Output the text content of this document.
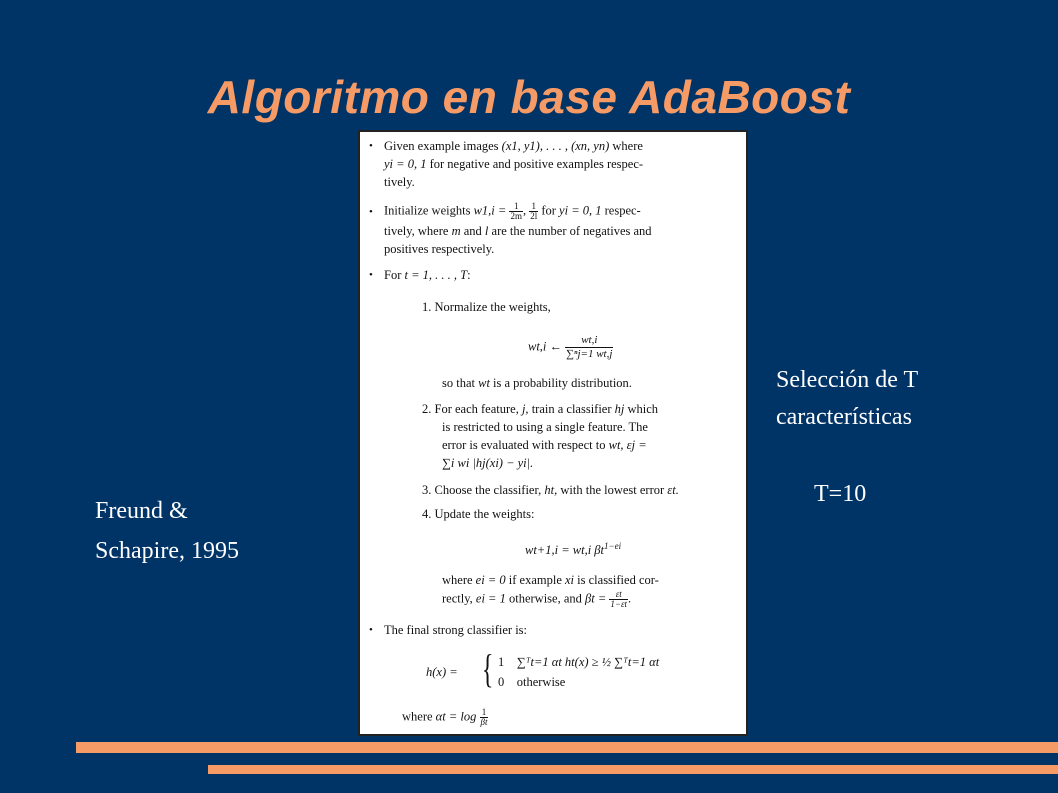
Algoritmo en base AdaBoost
• Given example images (x1, y1), . . . , (xn, yn) where
yi = 0, 1 for negative and positive examples respec-
tively.
• Initialize weights $w1,i = \frac{1}{2m}$ , $\frac{1}{2l}$ for yi = 0, 1 respec-
tively, where m and l are the number of negatives and
positives respectively.
• For t = 1, . . . , T:
1. Normalize the weights,
wt,i ← $\frac{wt,i}{\text{∑ⁿj=1 wt,j}}$
so that wt is a probability distribution.
2. For each feature, j, train a classifier hj which
is restricted to using a single feature. The
error is evaluated with respect to wt, εj =
∑i wi |hj(xi) − yi|.
3. Choose the classifier, ht, with the lowest error εt.
4. Update the weights:
wt+1,i = wt,i $\beta t^{1-ei}$
where ei = 0 if example xi is classified cor-
rectly, ei = 1 otherwise, and $\beta t = \frac{\varepsilon t}{1-\varepsilon t}$ .
• The final strong classifier is:
h(x) = { 1 ∑ᵀt=1 αt ht(x) ≥ ½ ∑ᵀt=1 αt
0 otherwise
where $\alpha t = \log \frac{1}{\beta t}$
Freund &
Schapire, 1995
Selección de T
características
T=10
